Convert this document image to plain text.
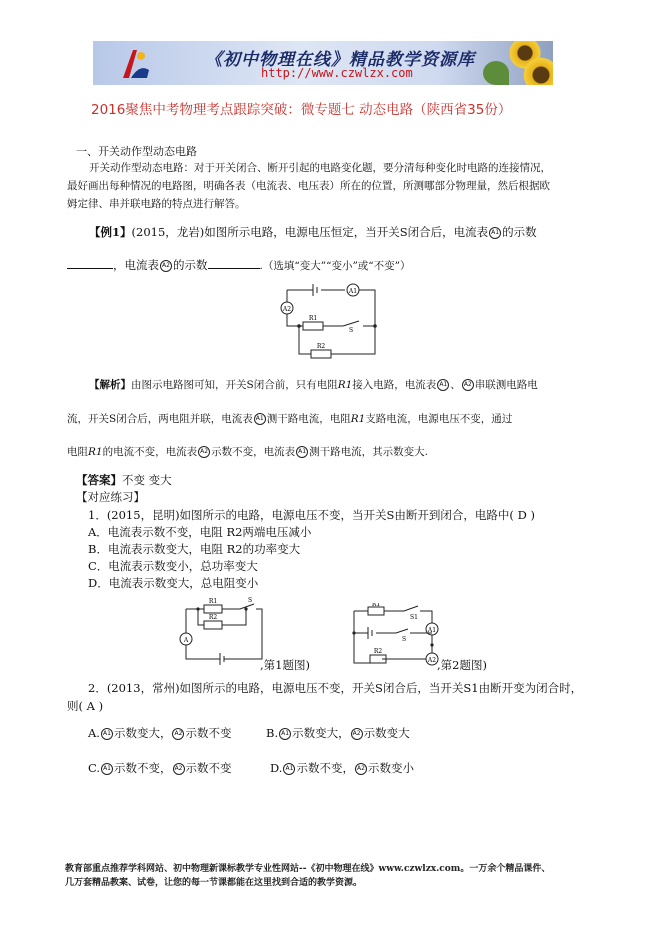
《初中物理在线》精品教学资源库
http://www.czwlzx.com
2016聚焦中考物理考点跟踪突破：微专题七 动态电路（陕西省35份）
一、开关动作型动态电路
开关动作型动态电路：对于开关闭合、断开引起的电路变化题，要分清每种变化时电路的连接情况，
最好画出每种情况的电路图，明确各表（电流表、电压表）所在的位置，所测哪部分物理量，然后根据欧
姆定律、串并联电路的特点进行解答。
【例1】(2015，龙岩)如图所示电路，电源电压恒定，当开关S闭合后，电流表 A1 的示数
，电流表 A2 的示数	.（选填“变大”“变小”或“不变”）
A2
A1
R1
R2
S
【解析】由图示电路图可知，开关S闭合前，只有电阻R1接入电路，电流表 A1 、 A2 串联测电路电
流，开关S闭合后，两电阻并联，电流表 A1 测干路电流，电阻R1支路电流，电源电压不变，通过
电阻R1的电流不变，电流表 A2 示数不变，电流表 A1 测干路电流，其示数变大.
【答案】不变 变大
【对应练习】
1．(2015，昆明)如图所示的电路，电源电压不变，当开关S由断开到闭合，电路中( D )
A．电流表示数不变，电阻 R2两端电压减小
B．电流表示数变大，电阻 R2的功率变大
C．电流表示数变小，总功率变大
D．电流表示数变大，总电阻变小
R1
R2
S
A
,第1题图)
R1
R2
S1
S
A1
A2 ,第2题图)
2．(2013，常州)如图所示的电路，电源电压不变，开关S闭合后，当开关S1由断开变为闭合时，
则( A )
A. A1 示数变大， A2 示数不变	B. A1 示数变大， A2 示数变大
C. A1 示数不变， A2 示数不变	D. A1 示数不变， A2 示数变小
教育部重点推荐学科网站、初中物理新课标教学专业性网站--《初中物理在线》www.czwlzx.com。一万余个精品课件、
几万套精品教案、试卷，让您的每一节课都能在这里找到合适的教学资源。
